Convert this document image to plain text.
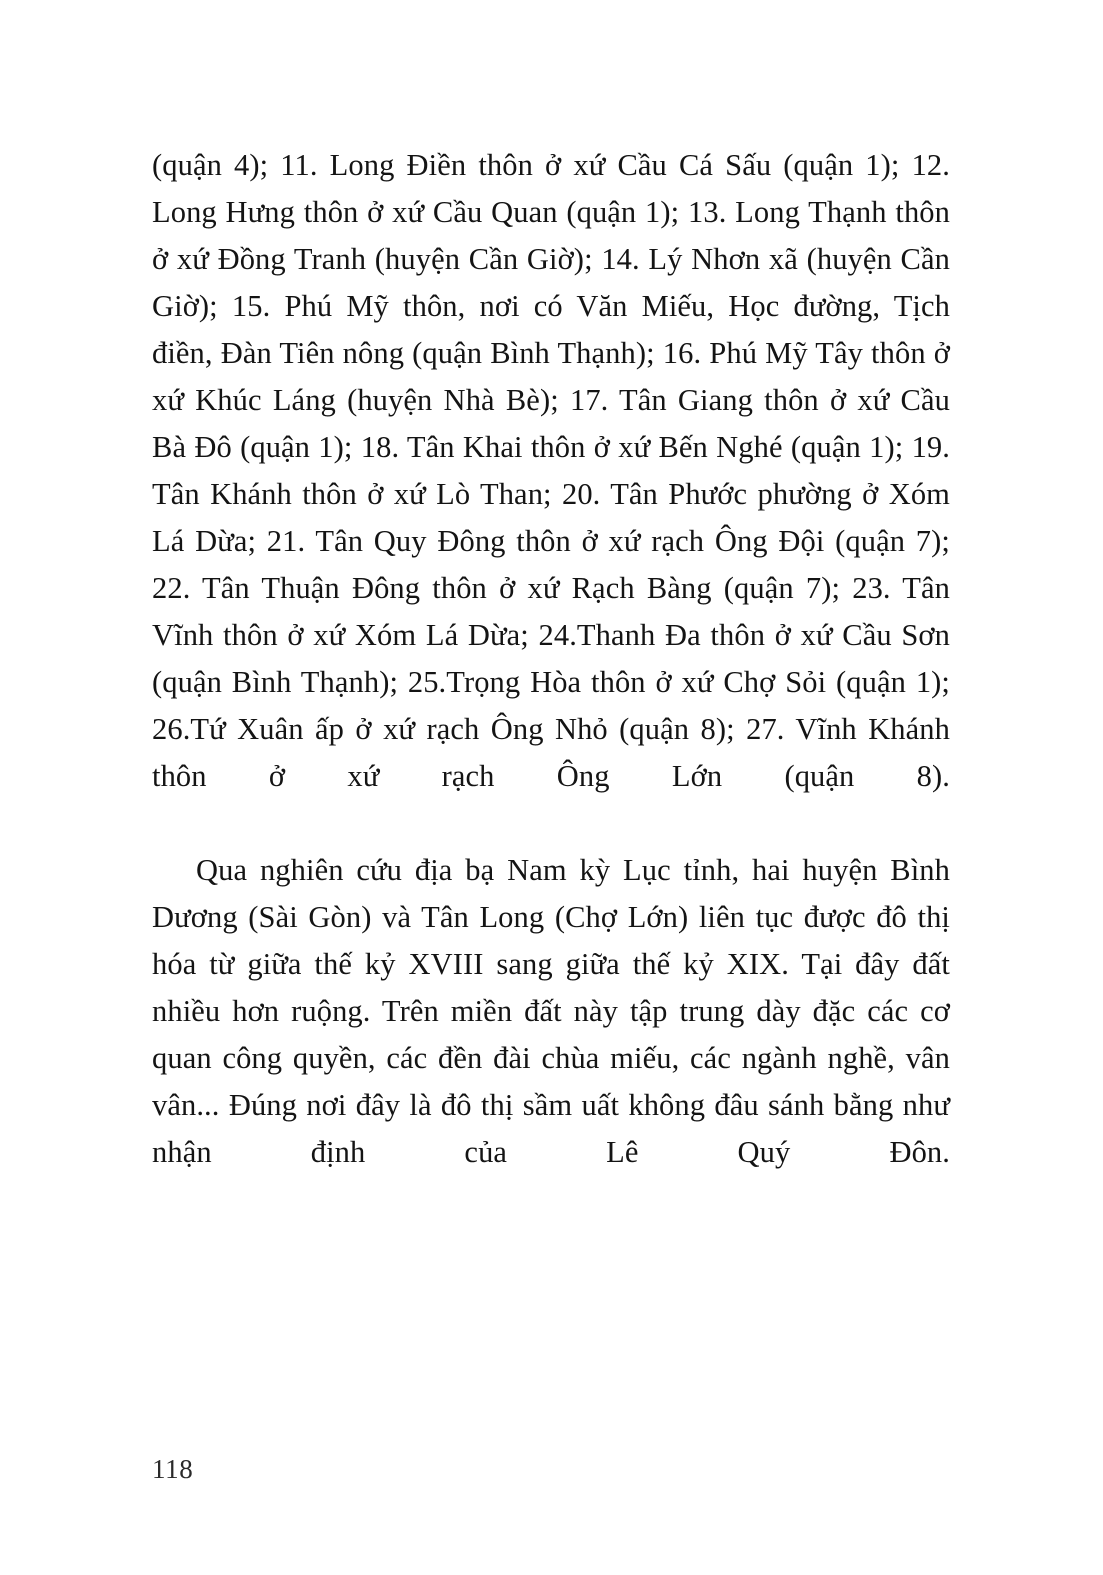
(quận 4); 11. Long Điền thôn ở xứ Cầu Cá Sấu (quận 1); 12. Long Hưng thôn ở xứ Cầu Quan (quận 1); 13. Long Thạnh thôn ở xứ Đồng Tranh (huyện Cần Giờ); 14. Lý Nhơn xã (huyện Cần Giờ); 15. Phú Mỹ thôn, nơi có Văn Miếu, Học đường, Tịch điền, Đàn Tiên nông (quận Bình Thạnh); 16. Phú Mỹ Tây thôn ở xứ Khúc Láng (huyện Nhà Bè); 17. Tân Giang thôn ở xứ Cầu Bà Đô (quận 1); 18. Tân Khai thôn ở xứ Bến Nghé (quận 1); 19. Tân Khánh thôn ở xứ Lò Than; 20. Tân Phước phường ở Xóm Lá Dừa; 21. Tân Quy Đông thôn ở xứ rạch Ông Đội (quận 7); 22. Tân Thuận Đông thôn ở xứ Rạch Bàng (quận 7); 23. Tân Vĩnh thôn ở xứ Xóm Lá Dừa; 24.Thanh Đa thôn ở xứ Cầu Sơn (quận Bình Thạnh); 25.Trọng Hòa thôn ở xứ Chợ Sỏi (quận 1); 26.Tứ Xuân ấp ở xứ rạch Ông Nhỏ (quận 8); 27. Vĩnh Khánh thôn ở xứ rạch Ông Lớn (quận 8).

Qua nghiên cứu địa bạ Nam kỳ Lục tỉnh, hai huyện Bình Dương (Sài Gòn) và Tân Long (Chợ Lớn) liên tục được đô thị hóa từ giữa thế kỷ XVIII sang giữa thế kỷ XIX. Tại đây đất nhiều hơn ruộng. Trên miền đất này tập trung dày đặc các cơ quan công quyền, các đền đài chùa miếu, các ngành nghề, vân vân... Đúng nơi đây là đô thị sầm uất không đâu sánh bằng như nhận định của Lê Quý Đôn.

118
